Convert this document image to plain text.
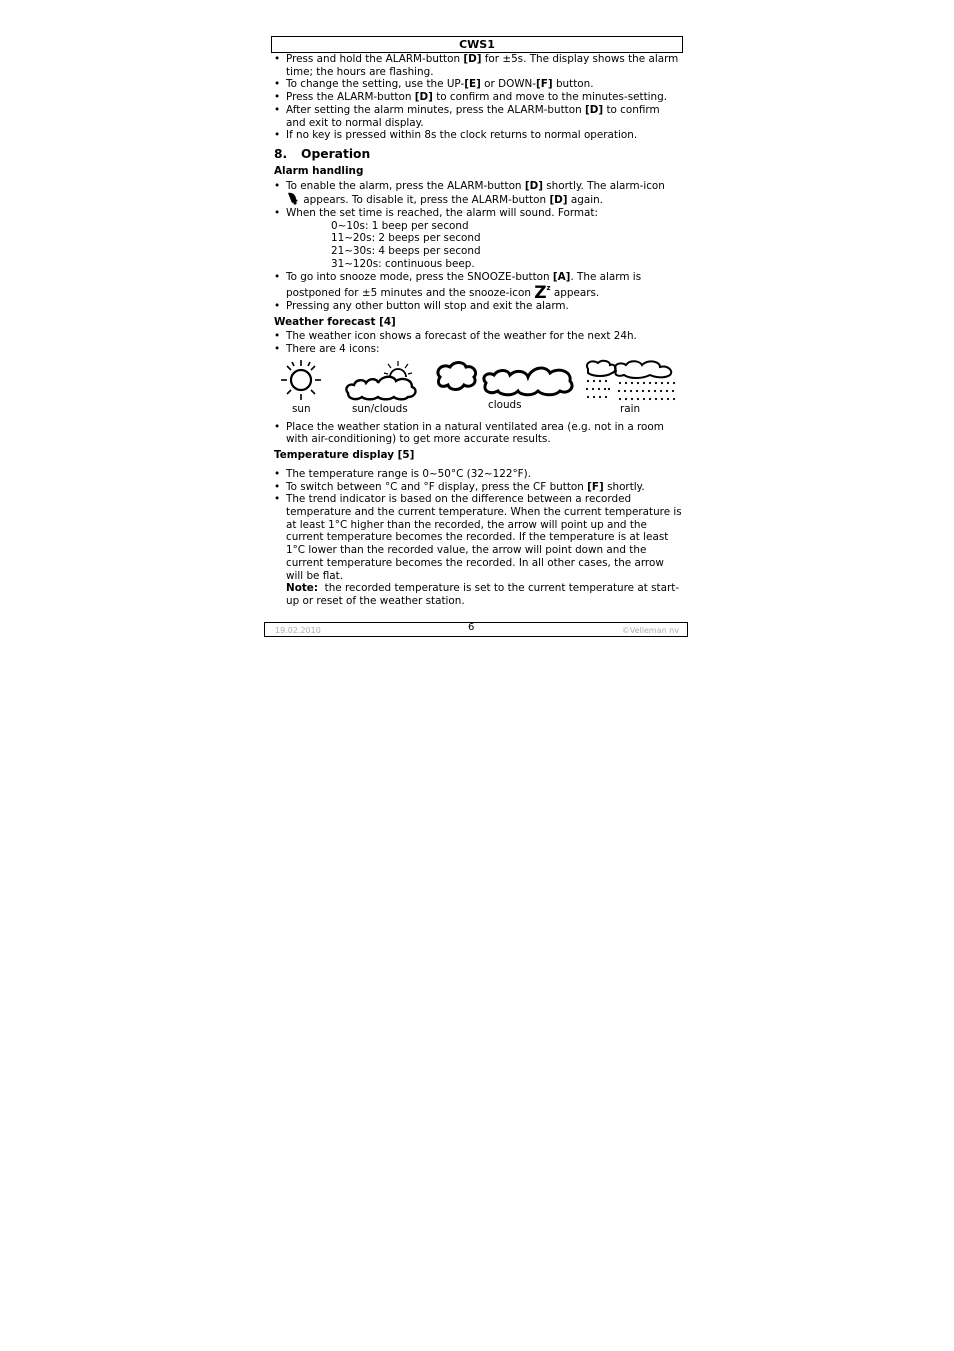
CWS1
• Press and hold the ALARM-button [D] for ±5s. The display shows the alarm time; the hours are flashing.
• To change the setting, use the UP-[E] or DOWN-[F] button.
• Press the ALARM-button [D] to confirm and move to the minutes-setting.
• After setting the alarm minutes, press the ALARM-button [D] to confirm and exit to normal display.
• If no key is pressed within 8s the clock returns to normal operation.
8. Operation
Alarm handling
• To enable the alarm, press the ALARM-button [D] shortly. The alarm-icon
appears. To disable it, press the ALARM-button [D] again.
• When the set time is reached, the alarm will sound. Format:
0~10s: 1 beep per second
11~20s: 2 beeps per second
21~30s: 4 beeps per second
31~120s: continuous beep.
• To go into snooze mode, press the SNOOZE-button [A]. The alarm is postponed for ±5 minutes and the snooze-icon $Z^z$ appears.
• Pressing any other button will stop and exit the alarm.
Weather forecast [4]
• The weather icon shows a forecast of the weather for the next 24h.
• There are 4 icons:
sun	sun/clouds	clouds	rain
• Place the weather station in a natural ventilated area (e.g. not in a room with air-conditioning) to get more accurate results.
Temperature display [5]
• The temperature range is 0~50°C (32~122°F).
• To switch between °C and °F display, press the CF button [F] shortly.
• The trend indicator is based on the difference between a recorded temperature and the current temperature. When the current temperature is at least 1°C higher than the recorded, the arrow will point up and the current temperature becomes the recorded. If the temperature is at least 1°C lower than the recorded value, the arrow will point down and the current temperature becomes the recorded. In all other cases, the arrow will be flat.
Note:  the recorded temperature is set to the current temperature at start-up or reset of the weather station.
19.02.2010	6	©Velleman nv
